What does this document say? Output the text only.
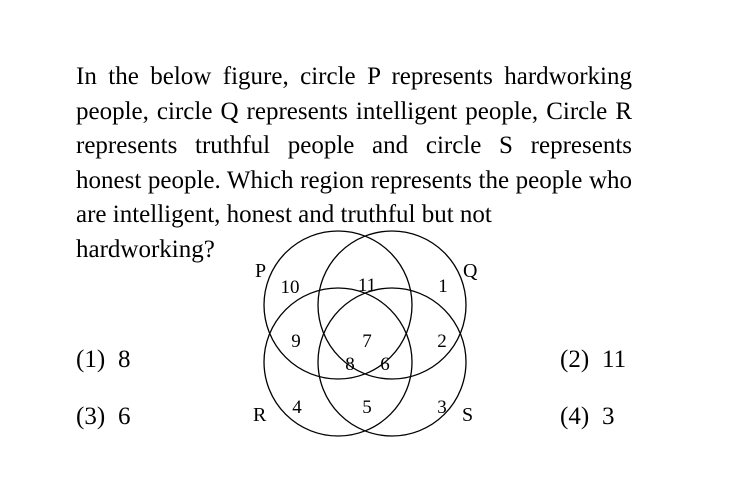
In the below figure, circle P represents hardworking people, circle Q represents intelligent people, Circle R represents truthful people and circle S represents honest people. Which region represents the people who are intelligent, honest and truthful but not
hardworking?

P	Q
R	S
10	11	1
9	7	2
8 6
4	5	3
(1) 8	(2) 11
(3) 6	(4) 3
